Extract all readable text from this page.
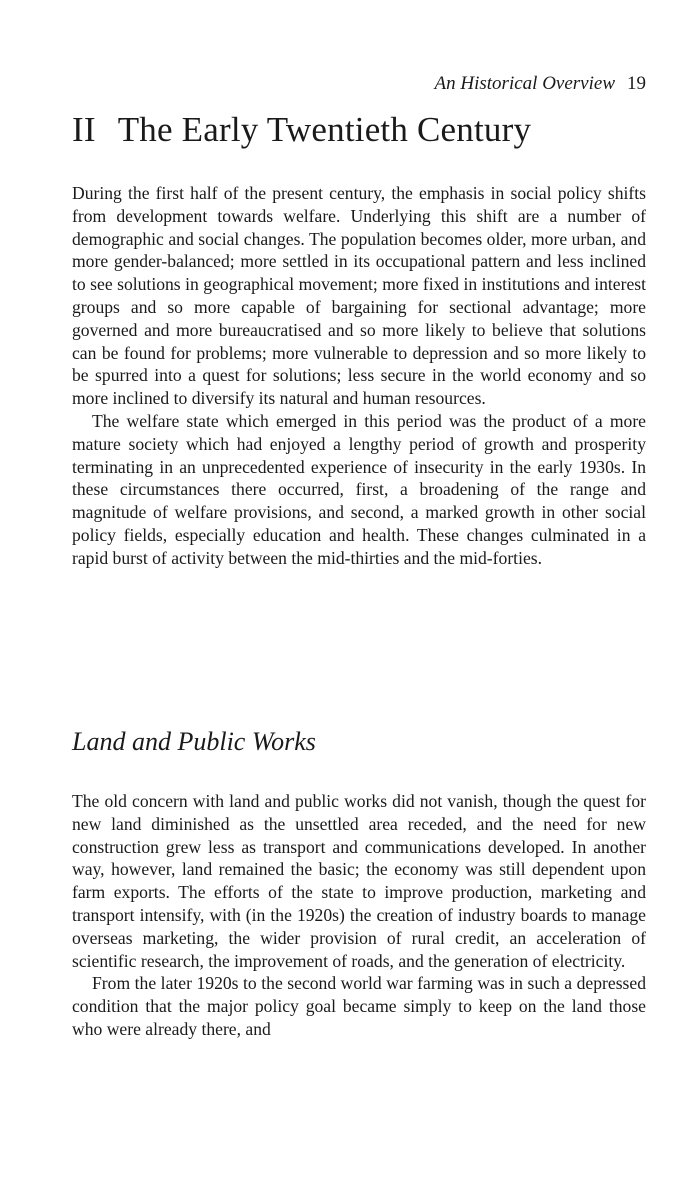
An Historical Overview 19
II The Early Twentieth Century

During the first half of the present century, the emphasis in social policy shifts from development towards welfare. Underlying this shift are a number of demographic and social changes. The population becomes older, more urban, and more gender-balanced; more settled in its occupational pattern and less inclined to see solutions in geographical movement; more fixed in institutions and interest groups and so more capable of bargaining for sectional advantage; more governed and more bureaucratised and so more likely to believe that solutions can be found for problems; more vulnerable to depression and so more likely to be spurred into a quest for solutions; less secure in the world economy and so more inclined to diversify its natural and human resources.

The welfare state which emerged in this period was the product of a more mature society which had enjoyed a lengthy period of growth and prosperity terminating in an unprecedented experience of insecurity in the early 1930s. In these circumstances there occurred, first, a broadening of the range and magnitude of welfare provisions, and second, a marked growth in other social policy fields, especially education and health. These changes culminated in a rapid burst of activity between the mid-thirties and the mid-forties.

Land and Public Works

The old concern with land and public works did not vanish, though the quest for new land diminished as the unsettled area receded, and the need for new construction grew less as transport and communications developed. In another way, however, land remained the basic; the economy was still dependent upon farm exports. The efforts of the state to improve production, marketing and transport intensify, with (in the 1920s) the creation of industry boards to manage overseas marketing, the wider provision of rural credit, an acceleration of scientific research, the improvement of roads, and the generation of electricity.

From the later 1920s to the second world war farming was in such a depressed condition that the major policy goal became simply to keep on the land those who were already there, and
